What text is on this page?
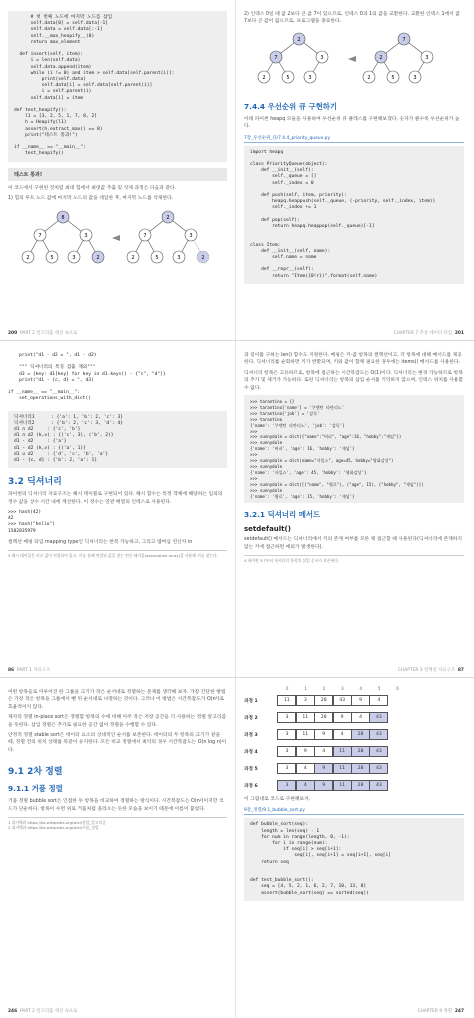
# 첫 번째 노드에 마지막 노드를 삽입
self.data[0] = self.data[-1]
self.data = self.data[:-1]
self.__max_heapify__(0)
return max_element

def insert(self, item):
i = len(self.data)
self.data.append(item)
while (i != 0) and item > self.data[self.parent(i)]:
print(self.data)
self.data[i] = self.data[self.parent(i)]
i = self.parent(i)
self.data[i] = item

def test_heapify():
l1 = [3, 2, 5, 1, 7, 8, 2]
h = Heapify(l1)
assert(h.extract_max() == 8)
print("테스트 통과!")

if __name__ == "__main__":
test_heapify()
테스트 통과!
이 코드에서 구현된 것처럼 최대 힙에서 최댓값 추출 및 삭제 과정은 다음과 같다.
1) 힙의 루트 노드 값에 마지막 노드의 값을 대입한 후, 마지막 노드를 삭제한다.
8
7	3
2	5	3	2
2
7	3
2	5	3	2
200 PART 2 알고리즘 세상 속으로
2) 인덱스 0일 때 값 2보다 큰 값 7이 있으므로, 인덱스 0과 1의 값을 교환한다. 교환한 인덱스 1에서 값 7보다 큰 값이 없으므로, 프로그램을 종료한다.
2
7	3
2	5	3
7
2	3
2	5	3
7.4.4 우선순위 큐 구현하기
아래 파이썬 heapq 모듈을 사용하여 우선순위 큐 클래스를 구현해보겠다. 숫자가 클수록 우선순위가 높다.
7장_우선순위_큐/7.4.4_priority_queue.py
import heapq

class PriorityQueue(object):
def __init__(self):
self._queue = []
self._index = 0

def push(self, item, priority):
heapq.heappush(self._queue, (-priority, self._index, item))
self._index += 1

def pop(self):
return heapq.heappop(self._queue)[-1]

class Item:
def __init__(self, name):
self.name = name

def __repr__(self):
return "Item({0!r})".format(self.name)
CHAPTER 7 추상 데이터 타입 201
print("d1 - d2 = ", d1 - d2)

""" 딕셔너리의 특징 검출 제외"""
d3 = {key: d1[key] for key in d1.keys() - {"c", "d"}}
print("d1 - {c, d} = ", d3)

if __name__ == "__main__":
set_operations_with_dict()
딕셔너리1      : {'a': 1, 'b': 2, 'c': 3}
딕셔너리2      : {'b': 2, 'c': 3, 'd': 4}
d1 ∩ d2     : {'c', 'b'}
d1 ∩ d2 (k,v) : {('c', 3), ('b', 2)}
d1 - d2     : {'a'}
d1 - d2 (k,v) : {('a', 1)}
d1 ∪ d2     : {'d', 'c', 'b', 'a'}
d1 - {c, d} : {'b': 2, 'a': 1}
3.2 딕셔너리
파이썬의 딕셔너리 자료구조는 해시 테이블로 구현되어 있다. 해시 함수는 특정 객체에 해당하는 임의의 정수 값을 상수 시간 내에 계산한다. 이 정수는 연관 배열의 인덱스로 사용된다.
>>> hash(42)
42
>>> hash("hello")
1582835979
컬렉션 매핑 타입 mapping type인 딕셔너리는 반복 가능하고, 그리고 멤버십 연산자 in
3 해시 테이블은 키로 값이 연결되어 있고, 키를 통해 연결된 값을 찾는 연산 테이블(associative array)을 사용해 키를 찾는다.
86 PART 1 자료구조
과 길이를 구하는 len() 함수도 지원한다. 매핑은 키-값 항목의 컬렉션이고, 각 항목에 대해 메서드를 제공한다. 딕셔너리를 순회하면 키가 반환되며, 키와 값이 함께 필요한 경우에는 items() 메서드를 사용한다.
딕셔너리 항목은 고유하므로, 항목에 접근하는 시간복잡도는 O(1)이다. 딕셔너리는 변경 가능하므로 항목의 추가 및 제거가 가능하다. 또한 딕셔너리는 항목의 삽입 순서를 기억하지 않으며, 인덱스 위치를 사용할 수 없다.
>>> tarantino = {}
>>> tarantino['name'] = '쿠엔틴 타란티노'
>>> tarantino['job'] = '감독'
>>> tarantino
{'name': '쿠엔틴 타란티노', 'job': '감독'}
>>>
>>> sunnydale = dict({"name":"버피", "age":16, "hobby":"게임"})
>>> sunnydale
{'name': '버피', 'age': 16, 'hobby': '게임'}
>>>
>>> sunnydale = dict(name="자일스", age=45, hobby="영화감상")
>>> sunnydale
{'name': '자일스', 'age': 45, 'hobby': '영화감상'}
>>>
>>> sunnydale = dict([("name", "윌로"), ("age", 15), ("hobby", "게임")])
>>> sunnydale
{'name': '윌로', 'age': 15, 'hobby': '게임'}
3.2.1 딕셔너리 메서드
setdefault()
setdefault() 메서드는 딕셔너리에서 키의 존재 여부를 모른 채 접근할 때 사용된다(딕셔너리에 존재하지 않는 키에 접근하면 예외가 발생한다).
4 파이썬 3.7부터 딕셔너리 항목의 삽입 순서가 보존된다.
CHAPTER 3 컬렉션 자료구조 87
어떤 항목들로 이루어진 한 그룹을 크기가 작은 순서대로 정렬하는 문제를 생각해 보자. 가장 간단한 방법은 가장 작은 항목을 그룹에서 뺀 뒤 순서대로 나열하는 것이다. 그러나 이 방법은 시간복잡도가 O(n²)로 효율적이지 않다.
제자리 정렬 in-place sort은 정렬할 항목의 수에 비해 아주 작은 저장 공간을 더 사용하는 정렬 알고리즘을 뜻한다. 삽입 정렬은 추가로 필요한 공간 없이 정렬을 수행할 수 있다.
안정적 정렬 stable sort은 데이터 요소의 상대적인 순서를 보존한다. 데이터의 두 항목의 크기가 같을 때, 정렬 전의 위치 상태를 똑같이 유지한다. 모든 비교 정렬에서 최악의 경우 시간복잡도는 O(n log n)이다.
9.1 2차 정렬
9.1.1 거품 정렬
거품 정렬 bubble sort은 인접한 두 항목을 비교하여 정렬하는 방식이다. 시간복잡도는 O(n²)이지만 코드가 단순하다. 항목이 수면 위로 거품처럼 올라오는 듯한 모습을 보이기 때문에 이름이 붙었다.
1 위키백과 https://ko.wikipedia.org/wiki/정렬_알고리즘
2 위키백과 https://ko.wikipedia.org/wiki/거품_정렬
246 PART 2 알고리즘 세상 속으로
0	1	2	3	4	5	6
과정 1	11	3	28	43	9	4
과정 2	3	11	28	9	4	43
과정 3	3	11	9	4	28	43
과정 4	3	9	4	11	28	43
과정 5	3	4	9	11	28	43
과정 6	3	4	9	11	28	43
이 그림대로 코드로 구현해보자.
9장_정렬/9.1_bubble_sort.py
def bubble_sort(seq):
length = len(seq) - 1
for num in range(length, 0, -1):
for i in range(num):
if seq[i] > seq[i+1]:
seq[i], seq[i+1] = seq[i+1], seq[i]
return seq

def test_bubble_sort():
seq = [4, 5, 2, 1, 6, 2, 7, 10, 13, 8]
assert(bubble_sort(seq) == sorted(seq))
CHAPTER 9 정렬 247
